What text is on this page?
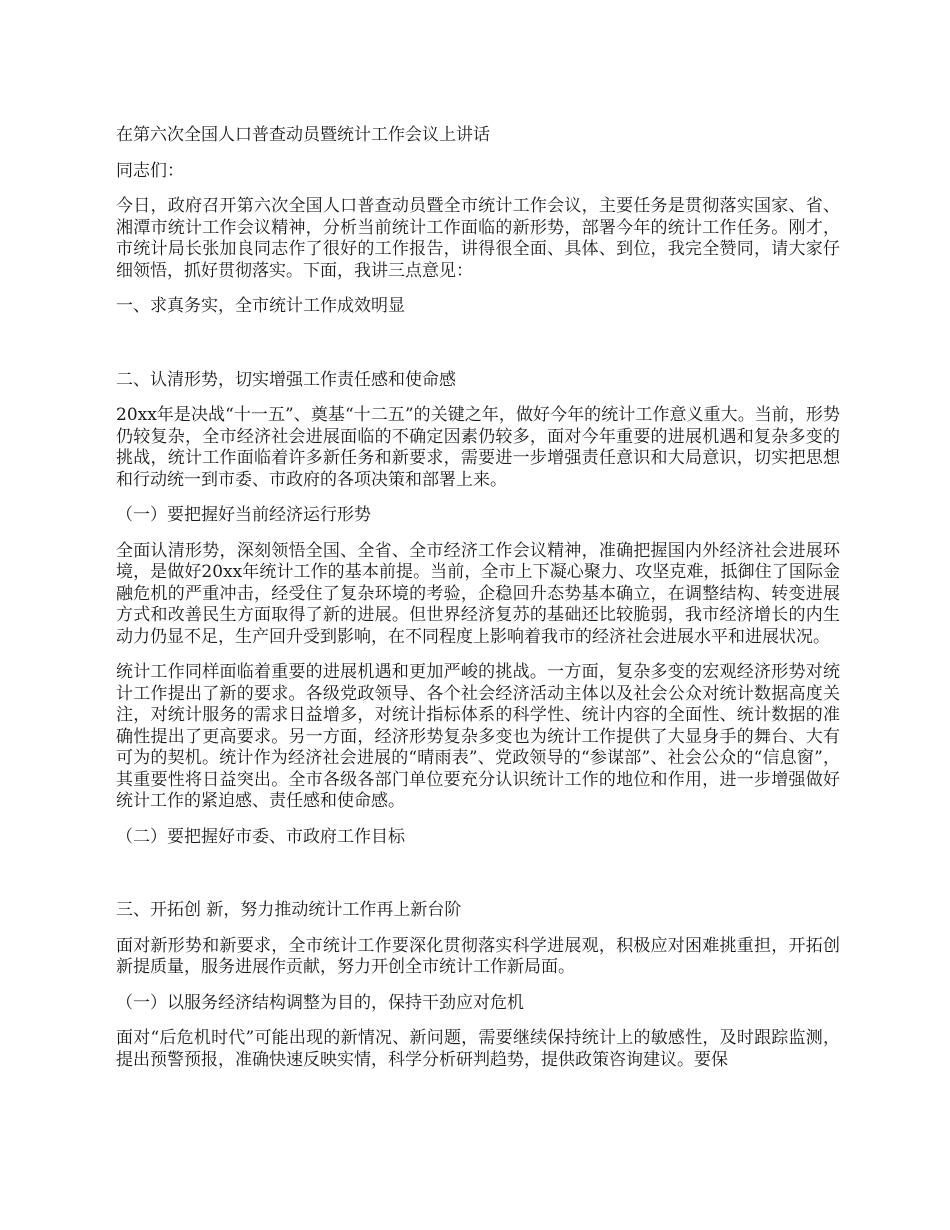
在第六次全国人口普查动员暨统计工作会议上讲话

同志们：

今日，政府召开第六次全国人口普查动员暨全市统计工作会议，主要任务是贯彻落实国家、省、湘潭市统计工作会议精神，分析当前统计工作面临的新形势，部署今年的统计工作任务。刚才，市统计局长张加良同志作了很好的工作报告，讲得很全面、具体、到位，我完全赞同，请大家仔细领悟，抓好贯彻落实。下面，我讲三点意见：

一、求真务实，全市统计工作成效明显

二、认清形势，切实增强工作责任感和使命感

20xx年是决战“十一五”、奠基“十二五”的关键之年，做好今年的统计工作意义重大。当前，形势仍较复杂，全市经济社会进展面临的不确定因素仍较多，面对今年重要的进展机遇和复杂多变的挑战，统计工作面临着许多新任务和新要求，需要进一步增强责任意识和大局意识，切实把思想和行动统一到市委、市政府的各项决策和部署上来。

（一）要把握好当前经济运行形势

全面认清形势，深刻领悟全国、全省、全市经济工作会议精神，准确把握国内外经济社会进展环境，是做好20xx年统计工作的基本前提。当前，全市上下凝心聚力、攻坚克难，抵御住了国际金融危机的严重冲击，经受住了复杂环境的考验，企稳回升态势基本确立，在调整结构、转变进展方式和改善民生方面取得了新的进展。但世界经济复苏的基础还比较脆弱，我市经济增长的内生动力仍显不足，生产回升受到影响，在不同程度上影响着我市的经济社会进展水平和进展状况。

统计工作同样面临着重要的进展机遇和更加严峻的挑战。一方面，复杂多变的宏观经济形势对统计工作提出了新的要求。各级党政领导、各个社会经济活动主体以及社会公众对统计数据高度关注，对统计服务的需求日益增多，对统计指标体系的科学性、统计内容的全面性、统计数据的准确性提出了更高要求。另一方面，经济形势复杂多变也为统计工作提供了大显身手的舞台、大有可为的契机。统计作为经济社会进展的“晴雨表”、党政领导的“参谋部”、社会公众的“信息窗”，其重要性将日益突出。全市各级各部门单位要充分认识统计工作的地位和作用，进一步增强做好统计工作的紧迫感、责任感和使命感。

（二）要把握好市委、市政府工作目标

三、开拓创 新，努力推动统计工作再上新台阶

面对新形势和新要求，全市统计工作要深化贯彻落实科学进展观，积极应对困难挑重担，开拓创新提质量，服务进展作贡献，努力开创全市统计工作新局面。

（一）以服务经济结构调整为目的，保持干劲应对危机

面对“后危机时代”可能出现的新情况、新问题，需要继续保持统计上的敏感性，及时跟踪监测，提出预警预报，准确快速反映实情，科学分析研判趋势，提供政策咨询建议。要保
